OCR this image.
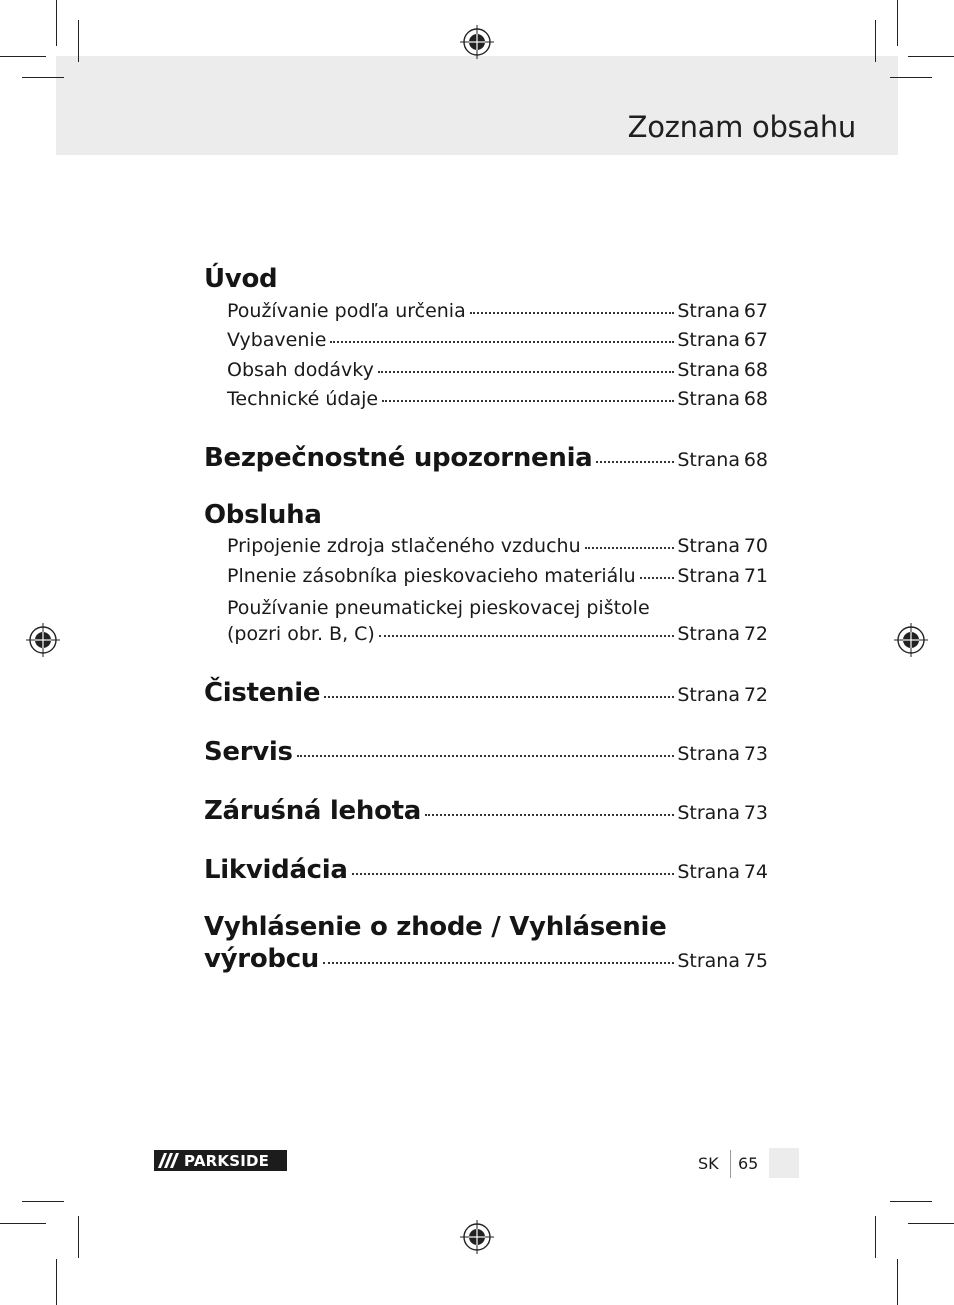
Zoznam obsahu
Úvod
Používanie podľa určenia	Strana 67
Vybavenie	Strana 67
Obsah dodávky	Strana 68
Technické údaje	Strana 68
Bezpečnostné upozornenia	Strana 68
Obsluha
Pripojenie zdroja stlačeného vzduchu	Strana 70
Plnenie zásobníka pieskovacieho materiálu Strana 71
Používanie pneumatickej pieskovacej pištole
(pozri obr. B, C)	Strana 72
Čistenie	Strana 72
Servis	Strana 73
Záruśná lehota	Strana 73
Likvidácia	Strana 74
Vyhlásenie o zhode / Vyhlásenie
výrobcu	Strana 75
PARKSIDE	SK 65
